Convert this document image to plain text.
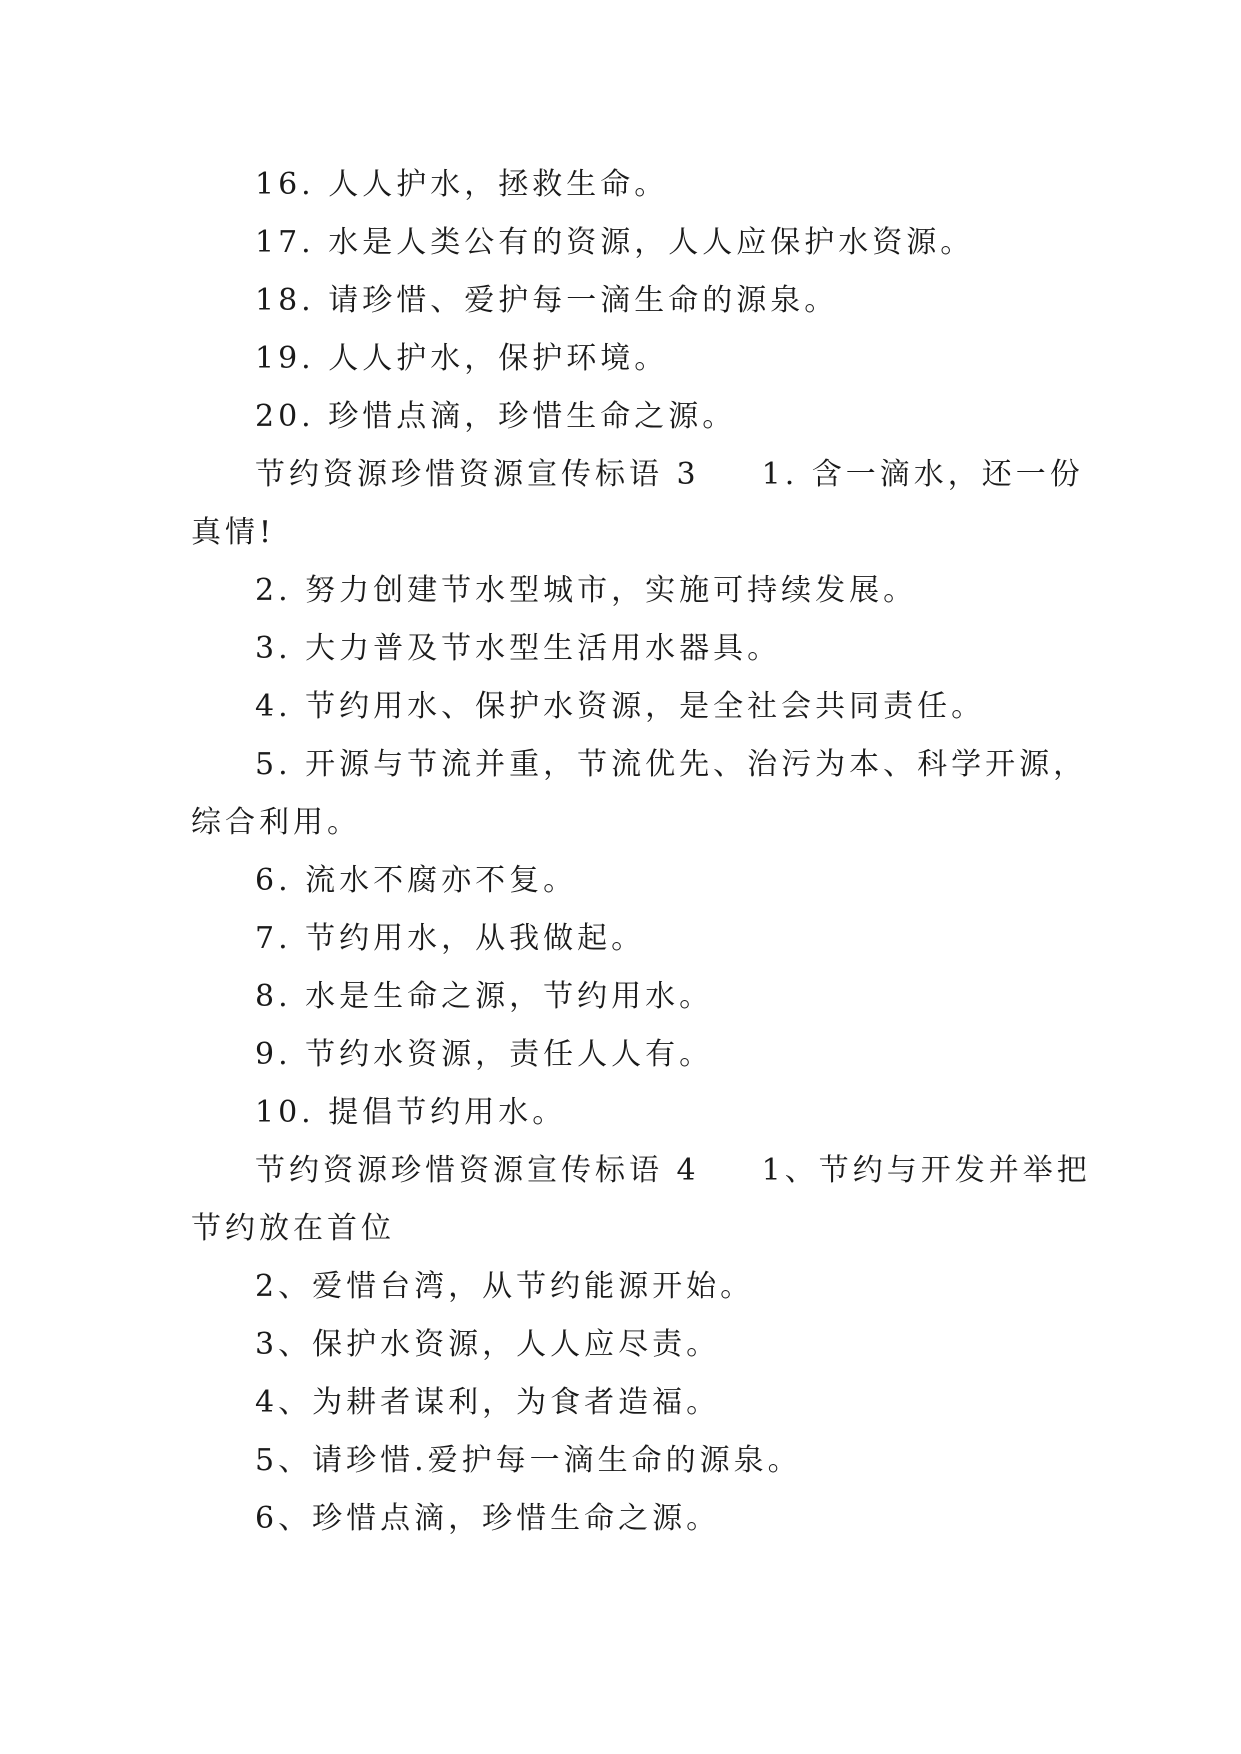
16. 人人护水，拯救生命。
17. 水是人类公有的资源，人人应保护水资源。
18. 请珍惜、爱护每一滴生命的源泉。
19. 人人护水，保护环境。
20. 珍惜点滴，珍惜生命之源。
节约资源珍惜资源宣传标语 3 1. 含一滴水，还一份
真情!
2. 努力创建节水型城市，实施可持续发展。
3. 大力普及节水型生活用水器具。
4. 节约用水、保护水资源，是全社会共同责任。
5. 开源与节流并重，节流优先、治污为本、科学开源，
综合利用。
6. 流水不腐亦不复。
7. 节约用水，从我做起。
8. 水是生命之源，节约用水。
9. 节约水资源，责任人人有。
10. 提倡节约用水。
节约资源珍惜资源宣传标语 4 1、节约与开发并举把
节约放在首位
2、爱惜台湾，从节约能源开始。
3、保护水资源，人人应尽责。
4、为耕者谋利，为食者造福。
5、请珍惜.爱护每一滴生命的源泉。
6、珍惜点滴，珍惜生命之源。
